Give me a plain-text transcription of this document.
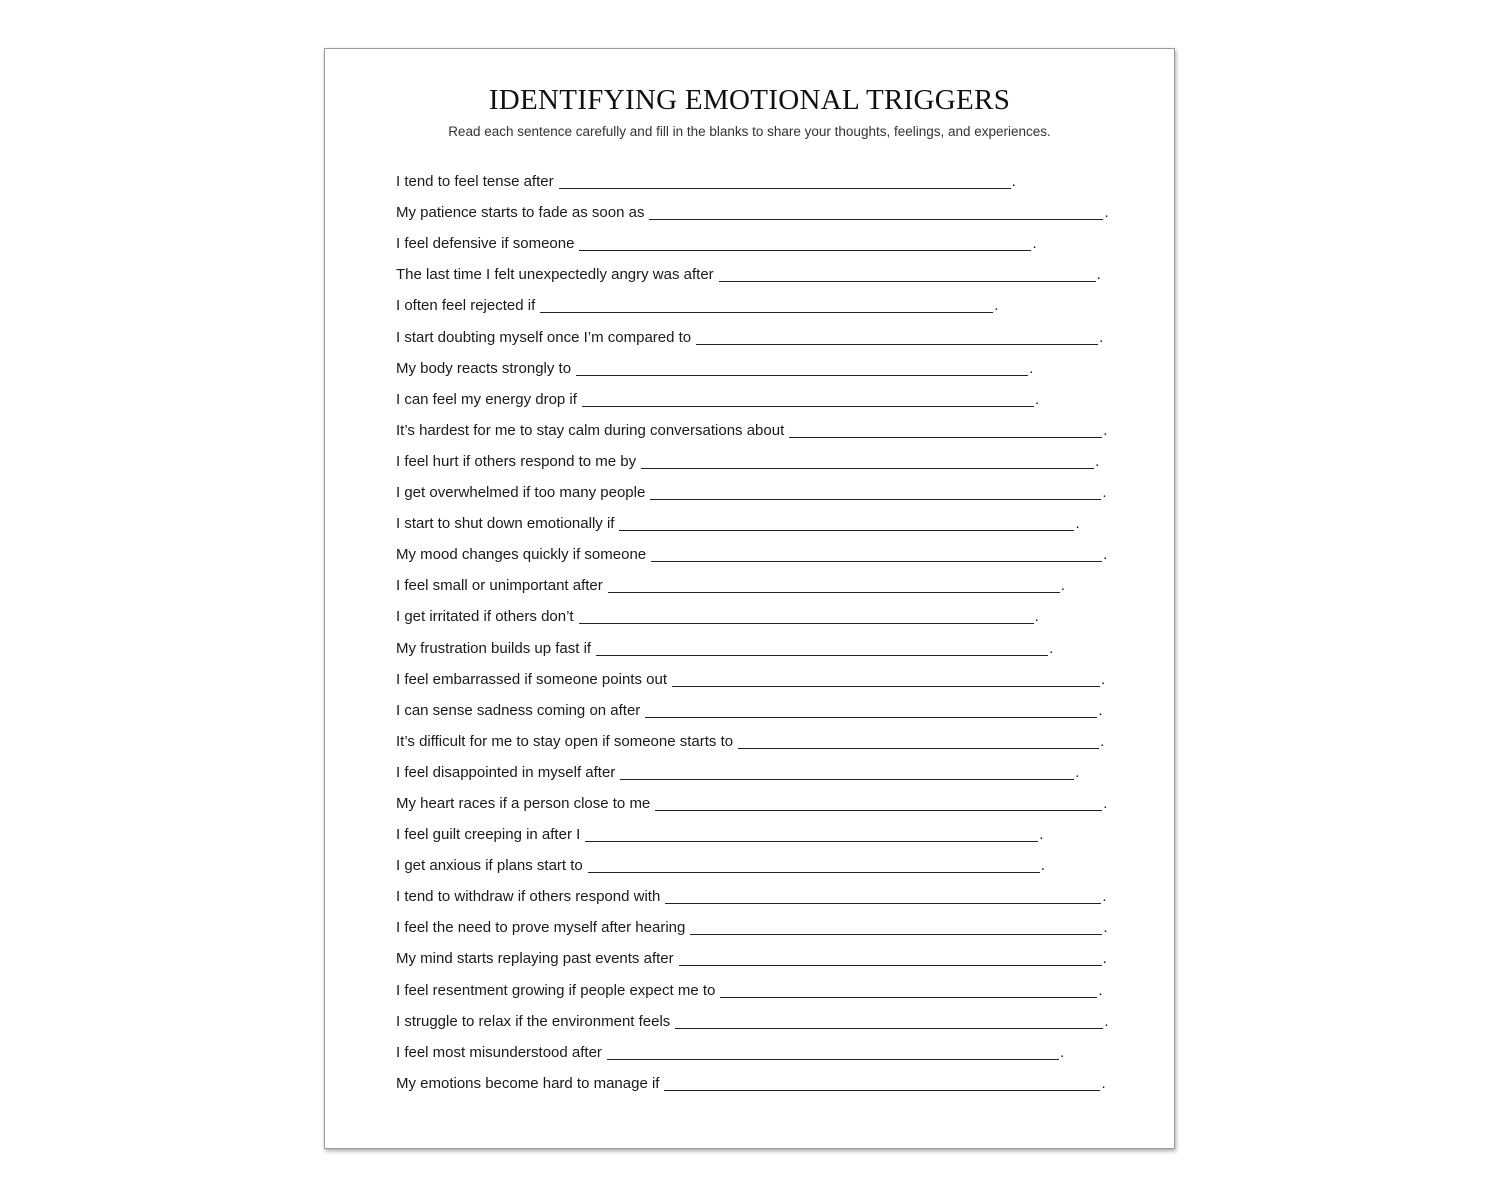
IDENTIFYING EMOTIONAL TRIGGERS

Read each sentence carefully and fill in the blanks to share your thoughts, feelings, and experiences.

I tend to feel tense after	.
My patience starts to fade as soon as	.
I feel defensive if someone	.
The last time I felt unexpectedly angry was after	.
I often feel rejected if	.
I start doubting myself once I’m compared to	.
My body reacts strongly to	.
I can feel my energy drop if	.
It’s hardest for me to stay calm during conversations about	.
I feel hurt if others respond to me by	.
I get overwhelmed if too many people	.
I start to shut down emotionally if	.
My mood changes quickly if someone	.
I feel small or unimportant after	.
I get irritated if others don’t	.
My frustration builds up fast if	.
I feel embarrassed if someone points out	.
I can sense sadness coming on after	.
It’s difficult for me to stay open if someone starts to	.
I feel disappointed in myself after	.
My heart races if a person close to me	.
I feel guilt creeping in after I	.
I get anxious if plans start to	.
I tend to withdraw if others respond with	.
I feel the need to prove myself after hearing	.
My mind starts replaying past events after	.
I feel resentment growing if people expect me to	.
I struggle to relax if the environment feels	.
I feel most misunderstood after	.
My emotions become hard to manage if	.
